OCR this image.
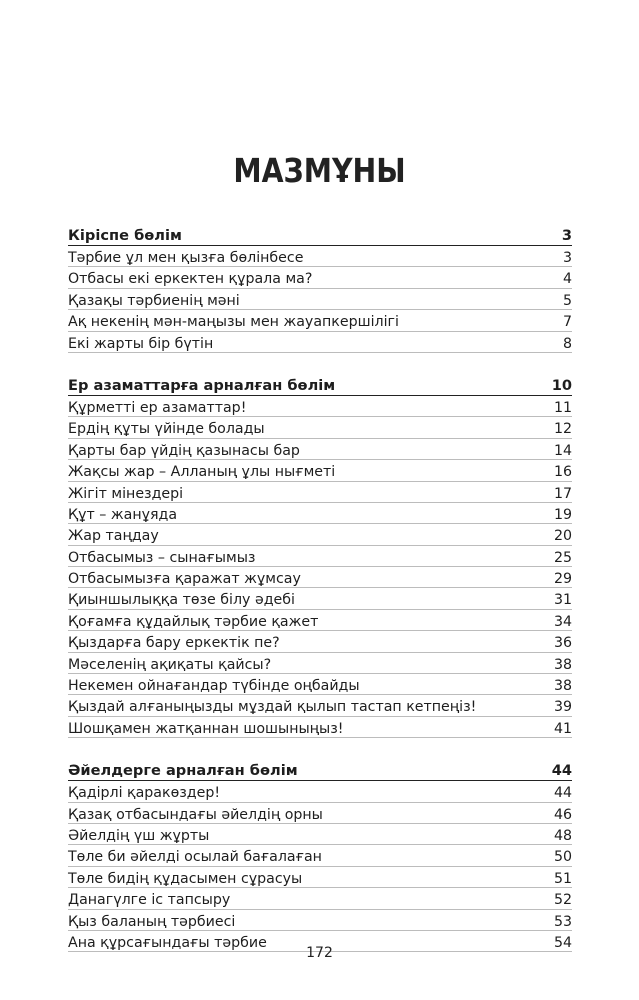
МАЗМҰНЫ
Кіріспе бөлім	3
Тәрбие ұл мен қызға бөлінбесе	3
Отбасы екі еркектен құрала ма?	4
Қазақы тәрбиенің мәні	5
Ақ некенің мән-маңызы мен жауапкершілігі	7
Екі жарты бір бүтін	8
Ер азаматтарға арналған бөлім	10
Құрметті ер азаматтар!	11
Ердің құты үйінде болады	12
Қарты бар үйдің қазынасы бар	14
Жақсы жар – Алланың ұлы нығметі	16
Жігіт мінездері	17
Құт – жанұяда	19
Жар таңдау	20
Отбасымыз – сынағымыз	25
Отбасымызға қаражат жұмсау	29
Қиыншылыққа төзе білу әдебі	31
Қоғамға құдайлық тәрбие қажет	34
Қыздарға бару еркектік пе?	36
Мәселенің ақиқаты қайсы?	38
Некемен ойнағандар түбінде оңбайды	38
Қыздай алғаныңызды мұздай қылып тастап кетпеңіз!	39
Шошқамен жатқаннан шошыныңыз!	41
Әйелдерге арналған бөлім	44
Қадірлі қаракөздер!	44
Қазақ отбасындағы әйелдің орны	46
Әйелдің үш жұрты	48
Төле би әйелді осылай бағалаған	50
Төле бидің құдасымен сұрасуы	51
Данагүлге іс тапсыру	52
Қыз баланың тәрбиесі	53
Ана құрсағындағы тәрбие	54
172
